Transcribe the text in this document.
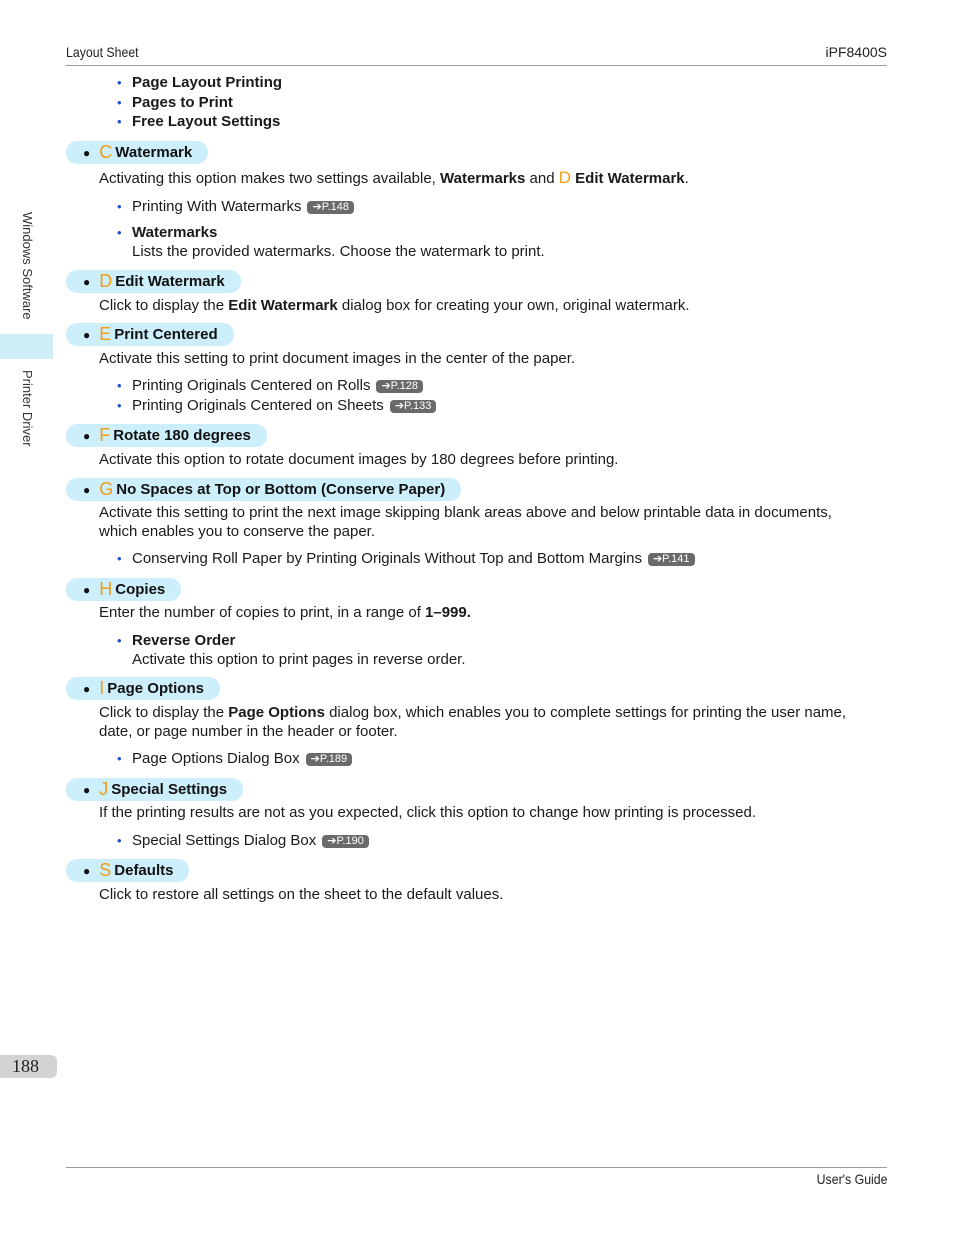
Layout Sheet	iPF8400S
User's Guide
Windows Software
Printer Driver
188
• Page Layout Printing
• Pages to Print
• Free Layout Settings
● C Watermark
Activating this option makes two settings available, Watermarks and D Edit Watermark.
• Printing With Watermarks ➔P.148
• Watermarks
Lists the provided watermarks. Choose the watermark to print.
● D Edit Watermark
Click to display the Edit Watermark dialog box for creating your own, original watermark.
● E Print Centered
Activate this setting to print document images in the center of the paper.
• Printing Originals Centered on Rolls ➔P.128
• Printing Originals Centered on Sheets ➔P.133
● F Rotate 180 degrees
Activate this option to rotate document images by 180 degrees before printing.
● G No Spaces at Top or Bottom (Conserve Paper)
Activate this setting to print the next image skipping blank areas above and below printable data in documents,
which enables you to conserve the paper.
• Conserving Roll Paper by Printing Originals Without Top and Bottom Margins ➔P.141
● H Copies
Enter the number of copies to print, in a range of 1–999.
• Reverse Order
Activate this option to print pages in reverse order.
● I Page Options
Click to display the Page Options dialog box, which enables you to complete settings for printing the user name,
date, or page number in the header or footer.
• Page Options Dialog Box ➔P.189
● J Special Settings
If the printing results are not as you expected, click this option to change how printing is processed.
• Special Settings Dialog Box ➔P.190
● S Defaults
Click to restore all settings on the sheet to the default values.
